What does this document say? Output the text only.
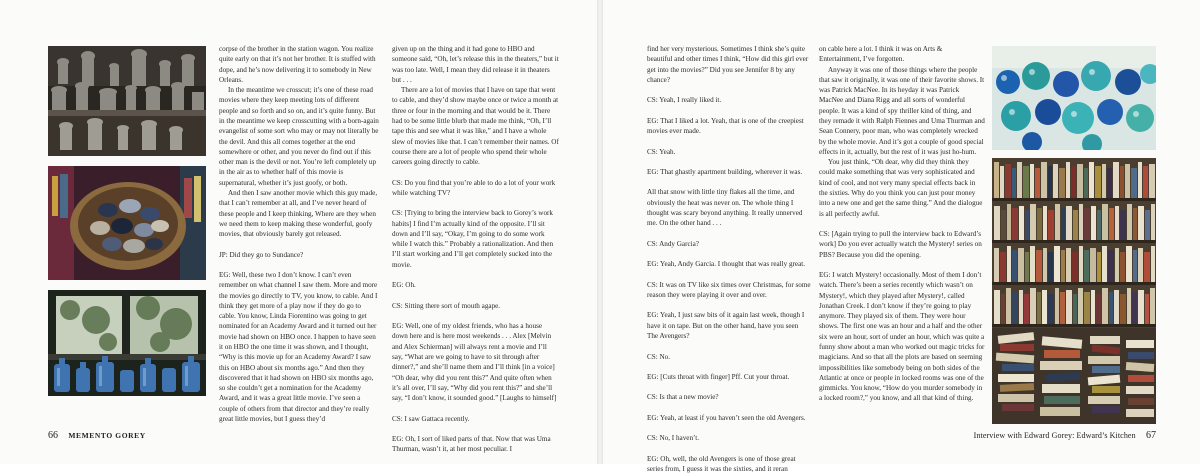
corpse of the brother in the station wagon. You realize quite early on that it’s not her brother. It is stuffed with dope, and he’s now delivering it to somebody in New Orleans.

In the meantime we crosscut; it’s one of these road movies where they keep meeting lots of different people and so forth and so on, and it’s quite funny. But in the meantime we keep crosscutting with a born-again evangelist of some sort who may or may not literally be the devil. And this all comes together at the end somewhere or other, and you never do find out if this other man is the devil or not. You’re left completely up in the air as to whether half of this movie is supernatural, whether it’s just goofy, or both.

And then I saw another movie which this guy made, that I can’t remember at all, and I’ve never heard of these people and I keep thinking, Where are they when we need them to keep making these wonderful, goofy movies, that obviously barely got released.

JP: Did they go to Sundance?

EG: Well, these two I don’t know. I can’t even remember on what channel I saw them. More and more the movies go directly to TV, you know, to cable. And I think they get more of a play now if they do go to cable. You know, Linda Fiorentino was going to get nominated for an Academy Award and it turned out her movie had shown on HBO once. I happen to have seen it on HBO the one time it was shown, and I thought, “Why is this movie up for an Academy Award? I saw this on HBO about six months ago.” And then they discovered that it had shown on HBO six months ago, so she couldn’t get a nomination for the Academy Award, and it was a great little movie. I’ve seen a couple of others from that director and they’re really great little movies, but I guess they’d

given up on the thing and it had gone to HBO and someone said, “Oh, let’s release this in the theaters,” but it was too late. Well, I mean they did release it in theaters but . . .

There are a lot of movies that I have on tape that went to cable, and they’d show maybe once or twice a month at three or four in the morning and that would be it. There had to be some little blurb that made me think, “Oh, I’ll tape this and see what it was like,” and I have a whole slew of movies like that. I can’t remember their names. Of course there are a lot of people who spend their whole careers going directly to cable.

CS: Do you find that you’re able to do a lot of your work while watching TV?

CS: [Trying to bring the interview back to Gorey’s work habits] I find I’m actually kind of the opposite. I’ll sit down and I’ll say, “Okay, I’m going to do some work while I watch this.” Probably a rationalization. And then I’ll start working and I’ll get completely sucked into the movie.

EG: Oh.

CS: Sitting there sort of mouth agape.

EG: Well, one of my oldest friends, who has a house down here and is here most weekends . . . Alex [Melvin and Alex Schierman] will always rent a movie and I’ll say, “What are we going to have to sit through after dinner?,” and she’ll name them and I’ll think [in a voice] “Oh dear, why did you rent this?” And quite often when it’s all over, I’ll say, “Why did you rent this?” and she’ll say, “I don’t know, it sounded good.” [Laughs to himself]

CS: I saw Gattaca recently.

EG: Oh, I sort of liked parts of that. Now that was Uma Thurman, wasn’t it, at her most peculiar. I

66 MEMENTO GOREY

find her very mysterious. Sometimes I think she’s quite beautiful and other times I think, “How did this girl ever get into the movies?” Did you see Jennifer 8 by any chance?

CS: Yeah, I really liked it.

EG: That I liked a lot. Yeah, that is one of the creepiest movies ever made.

CS: Yeah.

EG: That ghastly apartment building, wherever it was.

All that snow with little tiny flakes all the time, and obviously the heat was never on. The whole thing I thought was scary beyond anything. It really unnerved me. On the other hand . . .

CS: Andy Garcia?

EG: Yeah, Andy Garcia. I thought that was really great.

CS: It was on TV like six times over Christmas, for some reason they were playing it over and over.

EG: Yeah, I just saw bits of it again last week, though I have it on tape. But on the other hand, have you seen The Avengers?

CS: No.

EG: [Cuts throat with finger] Pff. Cut your throat.

CS: Is that a new movie?

EG: Yeah, at least if you haven’t seen the old Avengers.

CS: No, I haven’t.

EG: Oh, well, the old Avengers is one of those great series from, I guess it was the sixties, and it reran

on cable here a lot. I think it was on Arts & Entertainment, I’ve forgotten.

Anyway it was one of those things where the people that saw it originally, it was one of their favorite shows. It was Patrick MacNee. In its heyday it was Patrick MacNee and Diana Rigg and all sorts of wonderful people. It was a kind of spy thriller kind of thing, and they remade it with Ralph Fiennes and Uma Thurman and Sean Connery, poor man, who was completely wrecked by the whole movie. And it’s got a couple of good special effects in it, actually, but the rest of it was just ho-hum.

You just think, “Oh dear, why did they think they could make something that was very sophisticated and kind of cool, and not very many special effects back in the sixties. Why do you think you can just pour money into a new one and get the same thing.” And the dialogue is all perfectly awful.

CS: [Again trying to pull the interview back to Edward’s work] Do you ever actually watch the Mystery! series on PBS? Because you did the opening.

EG: I watch Mystery! occasionally. Most of them I don’t watch. There’s been a series recently which wasn’t on Mystery!, which they played after Mystery!, called Jonathan Creek. I don’t know if they’re going to play anymore. They played six of them. They were hour shows. The first one was an hour and a half and the other six were an hour, sort of under an hour, which was quite a funny show about a man who worked out magic tricks for magicians. And so that all the plots are based on seeming impossibilities like somebody being on both sides of the Atlantic at once or people in locked rooms was one of the gimmicks. You know, “How do you murder somebody in a locked room?,” you know, and all that kind of thing.

Interview with Edward Gorey: Edward’s Kitchen 67
